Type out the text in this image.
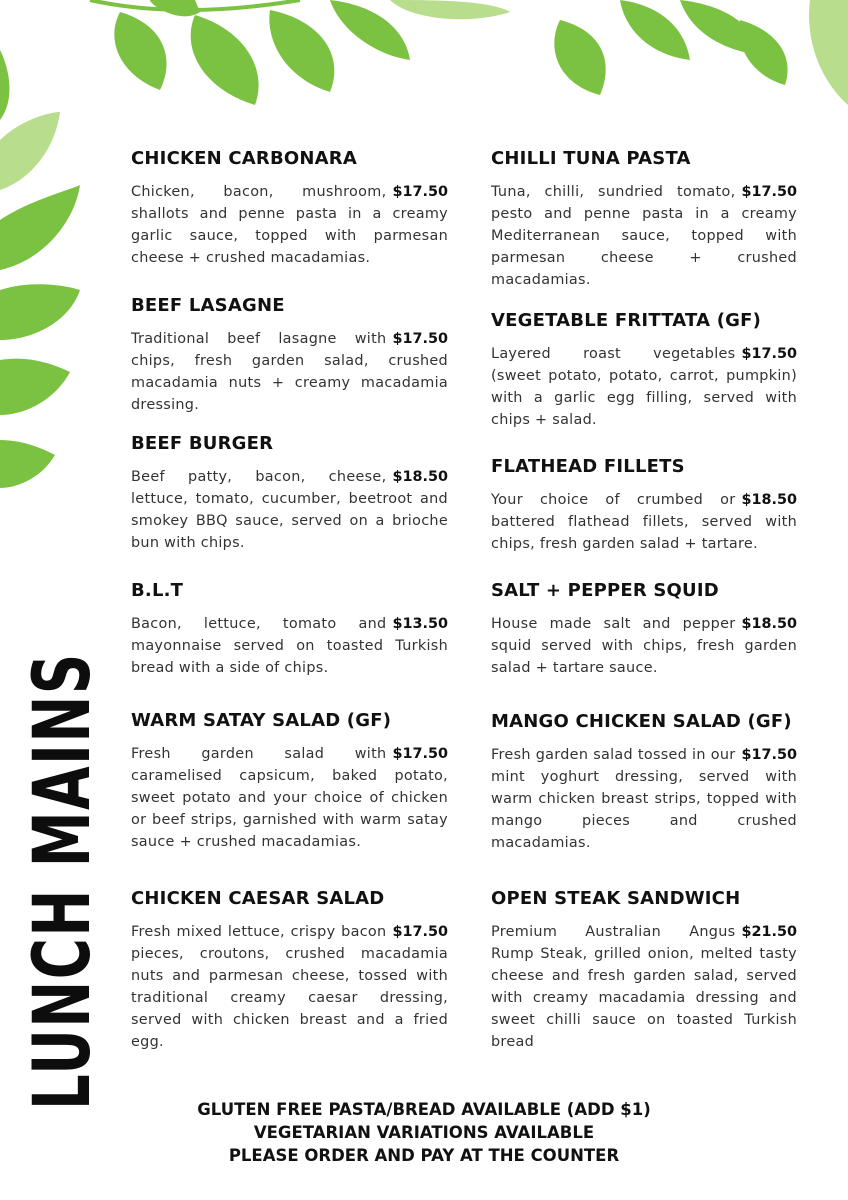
LUNCH MAINS
CHICKEN CARBONARA

$17.50
Chicken, bacon, mushroom, shallots and penne pasta in a creamy garlic sauce, topped with parmesan cheese + crushed macadamias.

BEEF LASAGNE

$17.50
Traditional beef lasagne with chips, fresh garden salad, crushed macadamia nuts + creamy macadamia dressing.

BEEF BURGER

$18.50
Beef patty, bacon, cheese, lettuce, tomato, cucumber, beetroot and smokey BBQ sauce, served on a brioche bun with chips.

B.L.T

$13.50
Bacon, lettuce, tomato and mayonnaise served on toasted Turkish bread with a side of chips.

WARM SATAY SALAD (GF)

$17.50
Fresh garden salad with caramelised capsicum, baked potato, sweet potato and your choice of chicken or beef strips, garnished with warm satay sauce + crushed macadamias.

CHICKEN CAESAR SALAD

$17.50
Fresh mixed lettuce, crispy bacon pieces, croutons, crushed macadamia nuts and parmesan cheese, tossed with traditional creamy caesar dressing, served with chicken breast and a fried egg.

CHILLI TUNA PASTA

$17.50
Tuna, chilli, sundried tomato, pesto and penne pasta in a creamy Mediterranean sauce, topped with parmesan cheese + crushed macadamias.

VEGETABLE FRITTATA (GF)

$17.50
Layered roast vegetables (sweet potato, potato, carrot, pumpkin) with a garlic egg filling, served with chips + salad.

FLATHEAD FILLETS

$18.50
Your choice of crumbed or battered flathead fillets, served with chips, fresh garden salad + tartare.

SALT + PEPPER SQUID

$18.50
House made salt and pepper squid served with chips, fresh garden salad + tartare sauce.

MANGO CHICKEN SALAD (GF)

$17.50
Fresh garden salad tossed in our mint yoghurt dressing, served with warm chicken breast strips, topped with mango pieces and crushed macadamias.

OPEN STEAK SANDWICH

$21.50
Premium Australian Angus Rump Steak, grilled onion, melted tasty cheese and fresh garden salad, served with creamy macadamia dressing and sweet chilli sauce on toasted Turkish bread

GLUTEN FREE PASTA/BREAD AVAILABLE (ADD $1)
VEGETARIAN VARIATIONS AVAILABLE
PLEASE ORDER AND PAY AT THE COUNTER
